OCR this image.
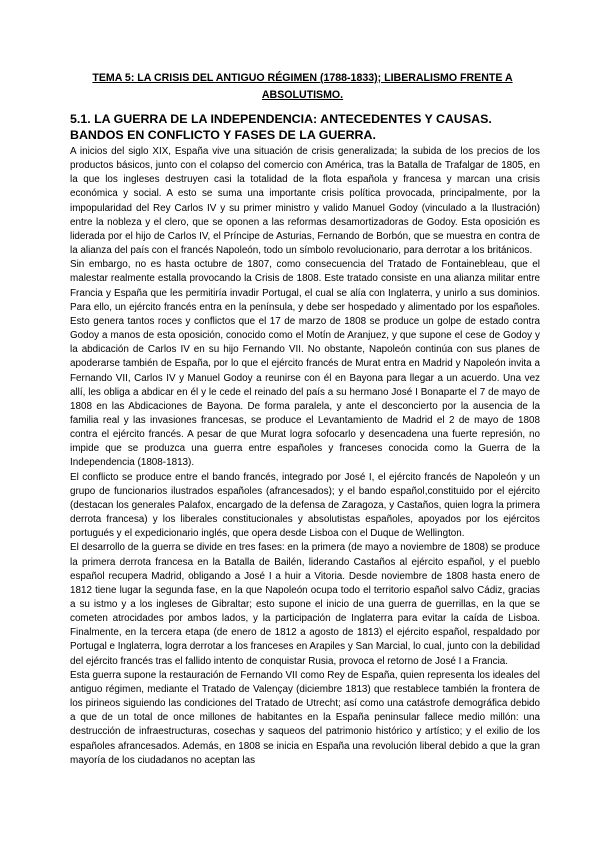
TEMA 5: LA CRISIS DEL ANTIGUO RÉGIMEN (1788-1833); LIBERALISMO FRENTE A ABSOLUTISMO.
5.1. LA GUERRA DE LA INDEPENDENCIA: ANTECEDENTES Y CAUSAS. BANDOS EN CONFLICTO Y FASES DE LA GUERRA.

A inicios del siglo XIX, España vive una situación de crisis generalizada; la subida de los precios de los productos básicos, junto con el colapso del comercio con América, tras la Batalla de Trafalgar de 1805, en la que los ingleses destruyen casi la totalidad de la flota española y francesa y marcan una crisis económica y social. A esto se suma una importante crisis política provocada, principalmente, por la impopularidad del Rey Carlos IV y su primer ministro y valido Manuel Godoy (vinculado a la Ilustración) entre la nobleza y el clero, que se oponen a las reformas desamortizadoras de Godoy. Esta oposición es liderada por el hijo de Carlos IV, el Príncipe de Asturias, Fernando de Borbón, que se muestra en contra de la alianza del país con el francés Napoleón, todo un símbolo revolucionario, para derrotar a los británicos.

Sin embargo, no es hasta octubre de 1807, como consecuencia del Tratado de Fontainebleau, que el malestar realmente estalla provocando la Crisis de 1808. Este tratado consiste en una alianza militar entre Francia y España que les permitiría invadir Portugal, el cual se alía con Inglaterra, y unirlo a sus dominios. Para ello, un ejército francés entra en la península, y debe ser hospedado y alimentado por los españoles. Esto genera tantos roces y conflictos que el 17 de marzo de 1808 se produce un golpe de estado contra Godoy a manos de esta oposición, conocido como el Motín de Aranjuez, y que supone el cese de Godoy y la abdicación de Carlos IV en su hijo Fernando VII. No obstante, Napoleón continúa con sus planes de apoderarse también de España, por lo que el ejército francés de Murat entra en Madrid y Napoleón invita a Fernando VII, Carlos IV y Manuel Godoy a reunirse con él en Bayona para llegar a un acuerdo. Una vez allí, les obliga a abdicar en él y le cede el reinado del país a su hermano José I Bonaparte el 7 de mayo de 1808 en las Abdicaciones de Bayona. De forma paralela, y ante el desconcierto por la ausencia de la familia real y las invasiones francesas, se produce el Levantamiento de Madrid el 2 de mayo de 1808 contra el ejército francés. A pesar de que Murat logra sofocarlo y desencadena una fuerte represión, no impide que se produzca una guerra entre españoles y franceses conocida como la Guerra de la Independencia (1808-1813).

El conflicto se produce entre el bando francés, integrado por José I, el ejército francés de Napoleón y un grupo de funcionarios ilustrados españoles (afrancesados); y el bando español,constituido por el ejército (destacan los generales Palafox, encargado de la defensa de Zaragoza, y Castaños, quien logra la primera derrota francesa) y los liberales constitucionales y absolutistas españoles, apoyados por los ejércitos portugués y el expedicionario inglés, que opera desde Lisboa con el Duque de Wellington.

El desarrollo de la guerra se divide en tres fases: en la primera (de mayo a noviembre de 1808) se produce la primera derrota francesa en la Batalla de Bailén, liderando Castaños al ejército español, y el pueblo español recupera Madrid, obligando a José I a huir a Vitoria. Desde noviembre de 1808 hasta enero de 1812 tiene lugar la segunda fase, en la que Napoleón ocupa todo el territorio español salvo Cádiz, gracias a su istmo y a los ingleses de Gibraltar; esto supone el inicio de una guerra de guerrillas, en la que se cometen atrocidades por ambos lados, y la participación de Inglaterra para evitar la caída de Lisboa. Finalmente, en la tercera etapa (de enero de 1812 a agosto de 1813) el ejército español, respaldado por Portugal e Inglaterra, logra derrotar a los franceses en Arapiles y San Marcial, lo cual, junto con la debilidad del ejército francés tras el fallido intento de conquistar Rusia, provoca el retorno de José I a Francia.

Esta guerra supone la restauración de Fernando VII como Rey de España, quien representa los ideales del antiguo régimen, mediante el Tratado de Valençay (diciembre 1813) que restablece también la frontera de los pirineos siguiendo las condiciones del Tratado de Utrecht; así como una catástrofe demográfica debido a que de un total de once millones de habitantes en la España peninsular fallece medio millón: una destrucción de infraestructuras, cosechas y saqueos del patrimonio histórico y artístico; y el exilio de los españoles afrancesados. Además, en 1808 se inicia en España una revolución liberal debido a que la gran mayoría de los ciudadanos no aceptan las
